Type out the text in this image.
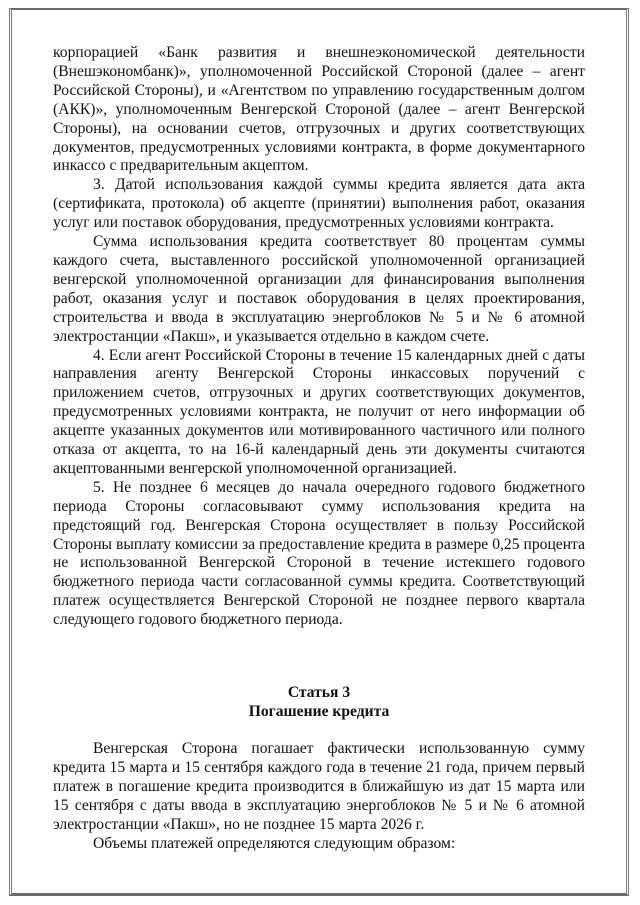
корпорацией «Банк развития и внешнеэкономической деятельности (Внешэкономбанк)», уполномоченной Российской Стороной (далее – агент Российской Стороны), и «Агентством по управлению государственным долгом (АКК)», уполномоченным Венгерской Стороной (далее – агент Венгерской Стороны), на основании счетов, отгрузочных и других соответствующих документов, предусмотренных условиями контракта, в форме документарного инкассо с предварительным акцептом.

3. Датой использования каждой суммы кредита является дата акта (сертификата, протокола) об акцепте (принятии) выполнения работ, оказания услуг или поставок оборудования, предусмотренных условиями контракта.

Сумма использования кредита соответствует 80 процентам суммы каждого счета, выставленного российской уполномоченной организацией венгерской уполномоченной организации для финансирования выполнения работ, оказания услуг и поставок оборудования в целях проектирования, строительства и ввода в эксплуатацию энергоблоков № 5 и № 6 атомной электростанции «Пакш», и указывается отдельно в каждом счете.

4. Если агент Российской Стороны в течение 15 календарных дней с даты направления агенту Венгерской Стороны инкассовых поручений с приложением счетов, отгрузочных и других соответствующих документов, предусмотренных условиями контракта, не получит от него информации об акцепте указанных документов или мотивированного частичного или полного отказа от акцепта, то на 16-й календарный день эти документы считаются акцептованными венгерской уполномоченной организацией.

5. Не позднее 6 месяцев до начала очередного годового бюджетного периода Стороны согласовывают сумму использования кредита на предстоящий год. Венгерская Сторона осуществляет в пользу Российской Стороны выплату комиссии за предоставление кредита в размере 0,25 процента не использованной Венгерской Стороной в течение истекшего годового бюджетного периода части согласованной суммы кредита. Соответствующий платеж осуществляется Венгерской Стороной не позднее первого квартала следующего годового бюджетного периода.

Статья 3
Погашение кредита

Венгерская Сторона погашает фактически использованную сумму кредита 15 марта и 15 сентября каждого года в течение 21 года, причем первый платеж в погашение кредита производится в ближайшую из дат 15 марта или 15 сентября с даты ввода в эксплуатацию энергоблоков № 5 и № 6 атомной электростанции «Пакш», но не позднее 15 марта 2026 г.

Объемы платежей определяются следующим образом:
